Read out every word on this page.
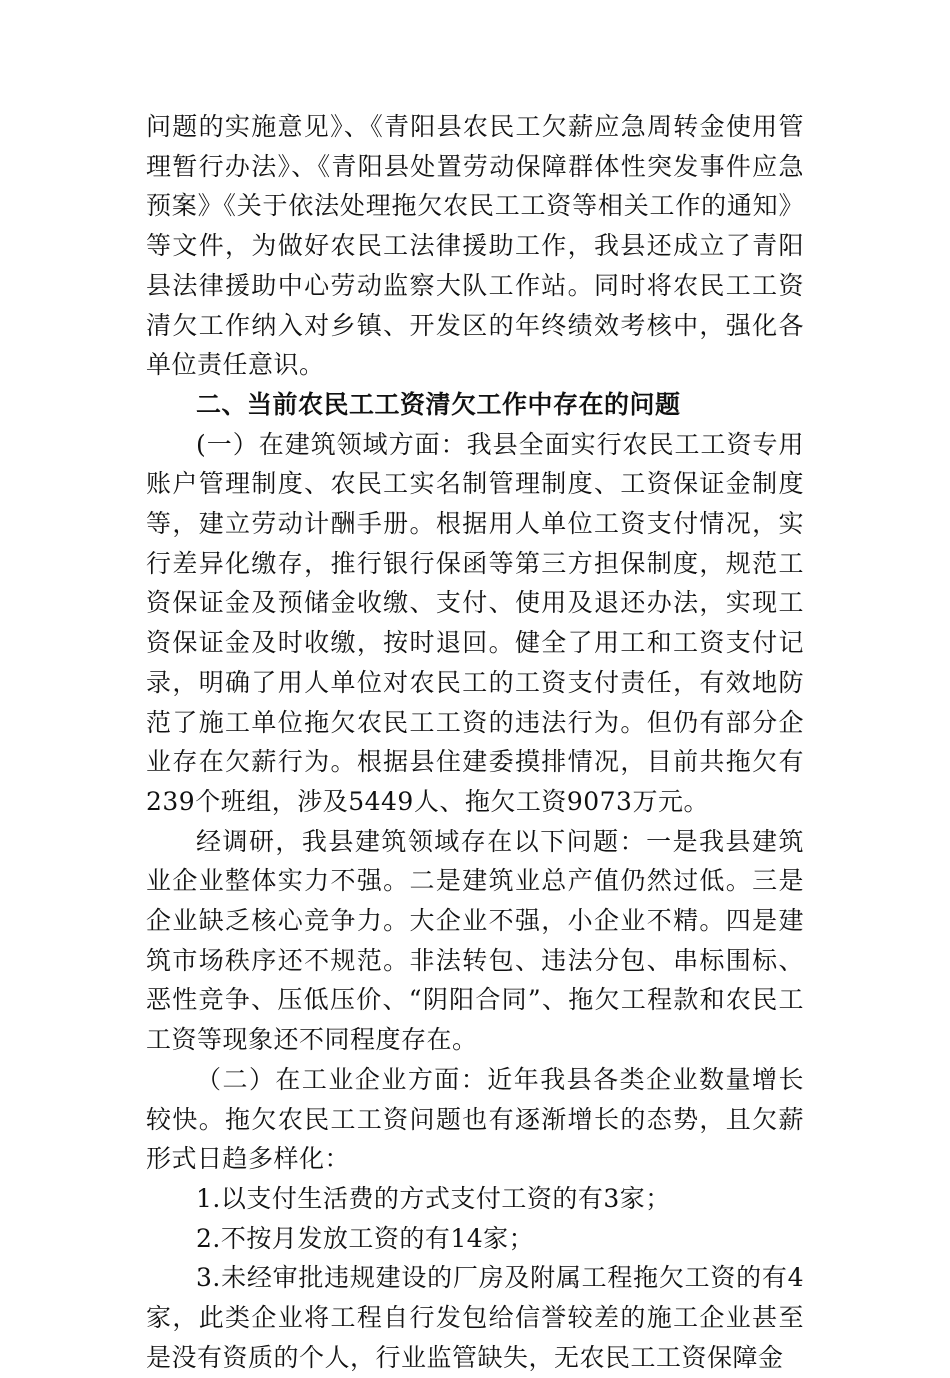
问题的实施意见》、《青阳县农民工欠薪应急周转金使用管理暂行办法》、《青阳县处置劳动保障群体性突发事件应急预案》《关于依法处理拖欠农民工工资等相关工作的通知》等文件，为做好农民工法律援助工作，我县还成立了青阳县法律援助中心劳动监察大队工作站。同时将农民工工资清欠工作纳入对乡镇、开发区的年终绩效考核中，强化各单位责任意识。

二、当前农民工工资清欠工作中存在的问题

(一）在建筑领域方面：我县全面实行农民工工资专用账户管理制度、农民工实名制管理制度、工资保证金制度等，建立劳动计酬手册。根据用人单位工资支付情况，实行差异化缴存，推行银行保函等第三方担保制度，规范工资保证金及预储金收缴、支付、使用及退还办法，实现工资保证金及时收缴，按时退回。健全了用工和工资支付记录，明确了用人单位对农民工的工资支付责任，有效地防范了施工单位拖欠农民工工资的违法行为。但仍有部分企业存在欠薪行为。根据县住建委摸排情况，目前共拖欠有239个班组，涉及5449人、拖欠工资9073万元。

经调研，我县建筑领域存在以下问题：一是我县建筑业企业整体实力不强。二是建筑业总产值仍然过低。三是企业缺乏核心竞争力。大企业不强，小企业不精。四是建筑市场秩序还不规范。非法转包、违法分包、串标围标、恶性竞争、压低压价、“阴阳合同”、拖欠工程款和农民工工资等现象还不同程度存在。

（二）在工业企业方面：近年我县各类企业数量增长较快。拖欠农民工工资问题也有逐渐增长的态势，且欠薪形式日趋多样化：

1.以支付生活费的方式支付工资的有3家；

2.不按月发放工资的有14家；

3.未经审批违规建设的厂房及附属工程拖欠工资的有4家，此类企业将工程自行发包给信誉较差的施工企业甚至是没有资质的个人，行业监管缺失，无农民工工资保障金
